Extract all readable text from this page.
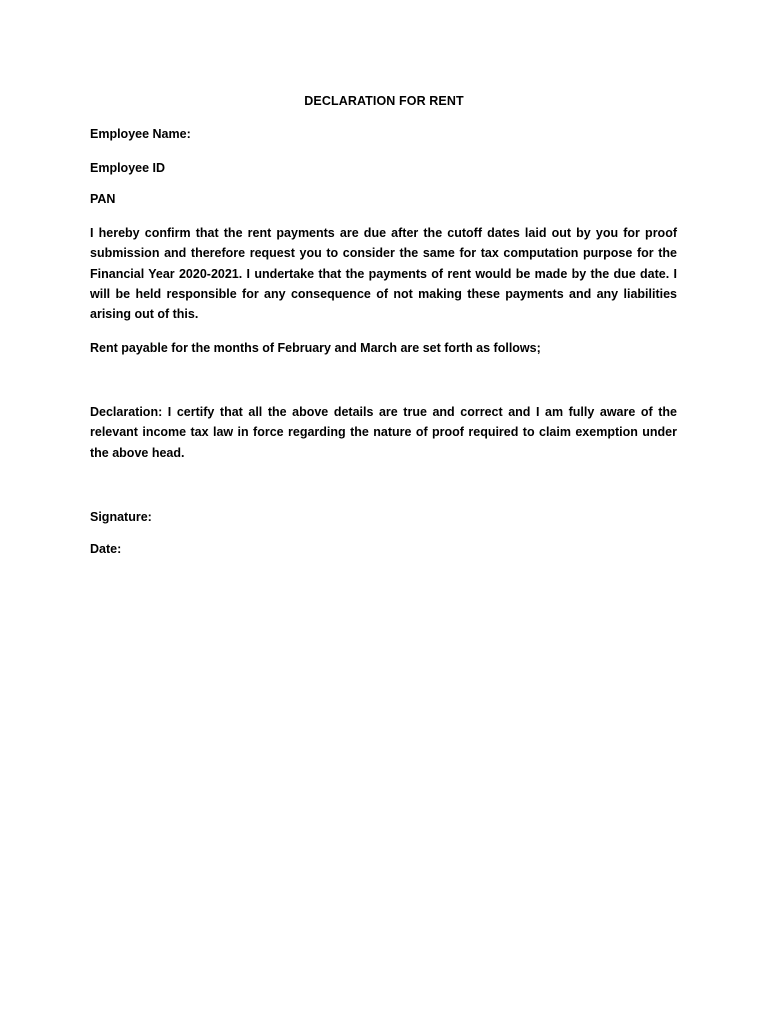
DECLARATION FOR RENT
Employee Name:
Employee ID
PAN
I hereby confirm that the rent payments are due after the cutoff dates laid out by you for proof submission and therefore request you to consider the same for tax computation purpose for the Financial Year 2020-2021. I undertake that the payments of rent would be made by the due date. I will be held responsible for any consequence of not making these payments and any liabilities arising out of this.
Rent payable for the months of February and March are set forth as follows;
Declaration: I certify that all the above details are true and correct and I am fully aware of the relevant income tax law in force regarding the nature of proof required to claim exemption under the above head.
Signature:
Date:
